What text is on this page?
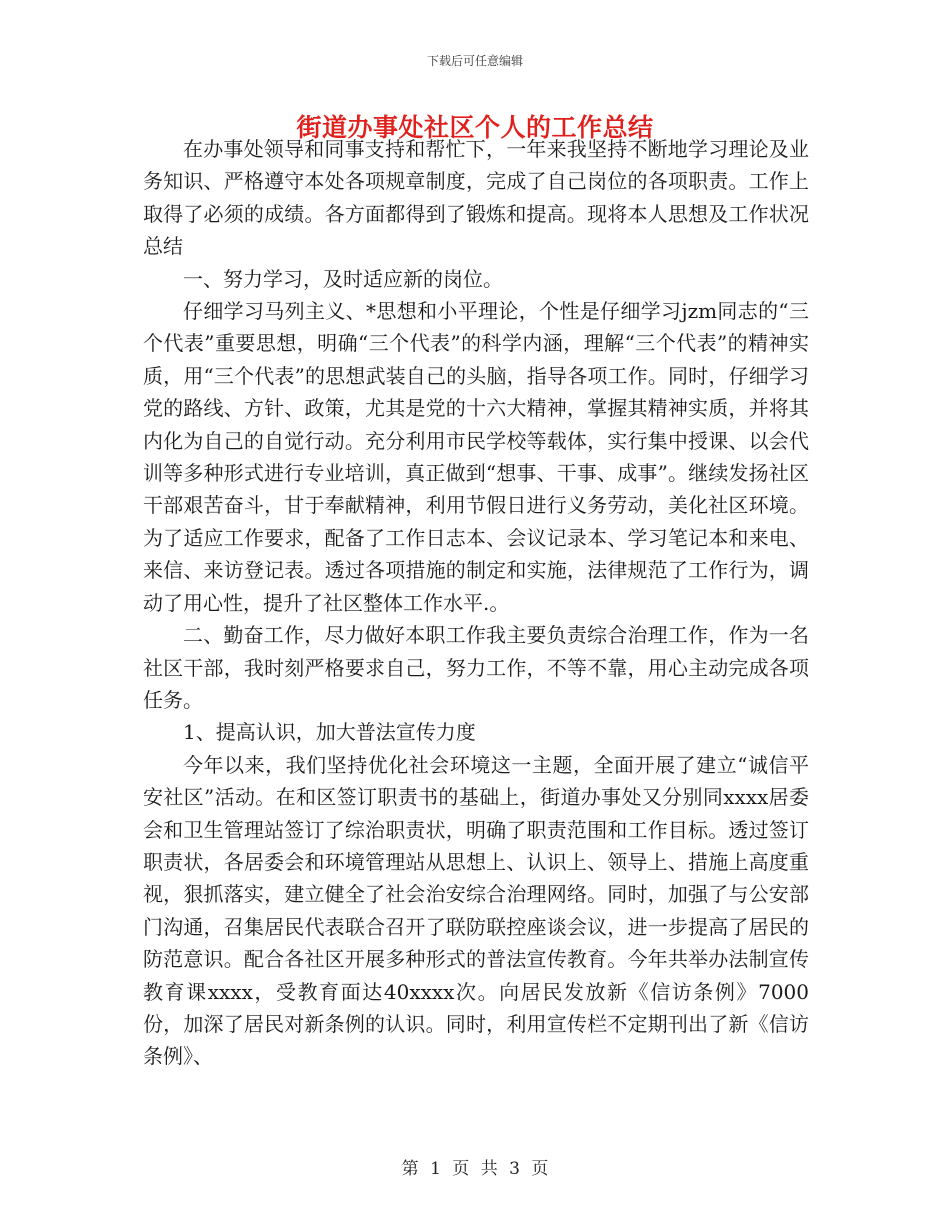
下载后可任意编辑
街道办事处社区个人的工作总结

在办事处领导和同事支持和帮忙下，一年来我坚持不断地学习理论及业务知识、严格遵守本处各项规章制度，完成了自己岗位的各项职责。工作上取得了必须的成绩。各方面都得到了锻炼和提高。现将本人思想及工作状况总结

一、努力学习，及时适应新的岗位。

仔细学习马列主义、*思想和小平理论，个性是仔细学习jzm同志的“三个代表”重要思想，明确“三个代表”的科学内涵，理解“三个代表”的精神实质，用“三个代表”的思想武装自己的头脑，指导各项工作。同时，仔细学习党的路线、方针、政策，尤其是党的十六大精神，掌握其精神实质，并将其内化为自己的自觉行动。充分利用市民学校等载体，实行集中授课、以会代训等多种形式进行专业培训，真正做到“想事、干事、成事”。继续发扬社区干部艰苦奋斗，甘于奉献精神，利用节假日进行义务劳动，美化社区环境。为了适应工作要求，配备了工作日志本、会议记录本、学习笔记本和来电、来信、来访登记表。透过各项措施的制定和实施，法律规范了工作行为，调动了用心性，提升了社区整体工作水平.。

二、勤奋工作，尽力做好本职工作我主要负责综合治理工作，作为一名社区干部，我时刻严格要求自己，努力工作，不等不靠，用心主动完成各项任务。

1、提高认识，加大普法宣传力度

今年以来，我们坚持优化社会环境这一主题，全面开展了建立“诚信平安社区”活动。在和区签订职责书的基础上，街道办事处又分别同xxxx居委会和卫生管理站签订了综治职责状，明确了职责范围和工作目标。透过签订职责状，各居委会和环境管理站从思想上、认识上、领导上、措施上高度重视，狠抓落实，建立健全了社会治安综合治理网络。同时，加强了与公安部门沟通，召集居民代表联合召开了联防联控座谈会议，进一步提高了居民的防范意识。配合各社区开展多种形式的普法宣传教育。今年共举办法制宣传教育课xxxx，受教育面达40xxxx次。向居民发放新《信访条例》7000份，加深了居民对新条例的认识。同时，利用宣传栏不定期刊出了新《信访条例》、

第 1 页 共 3 页
